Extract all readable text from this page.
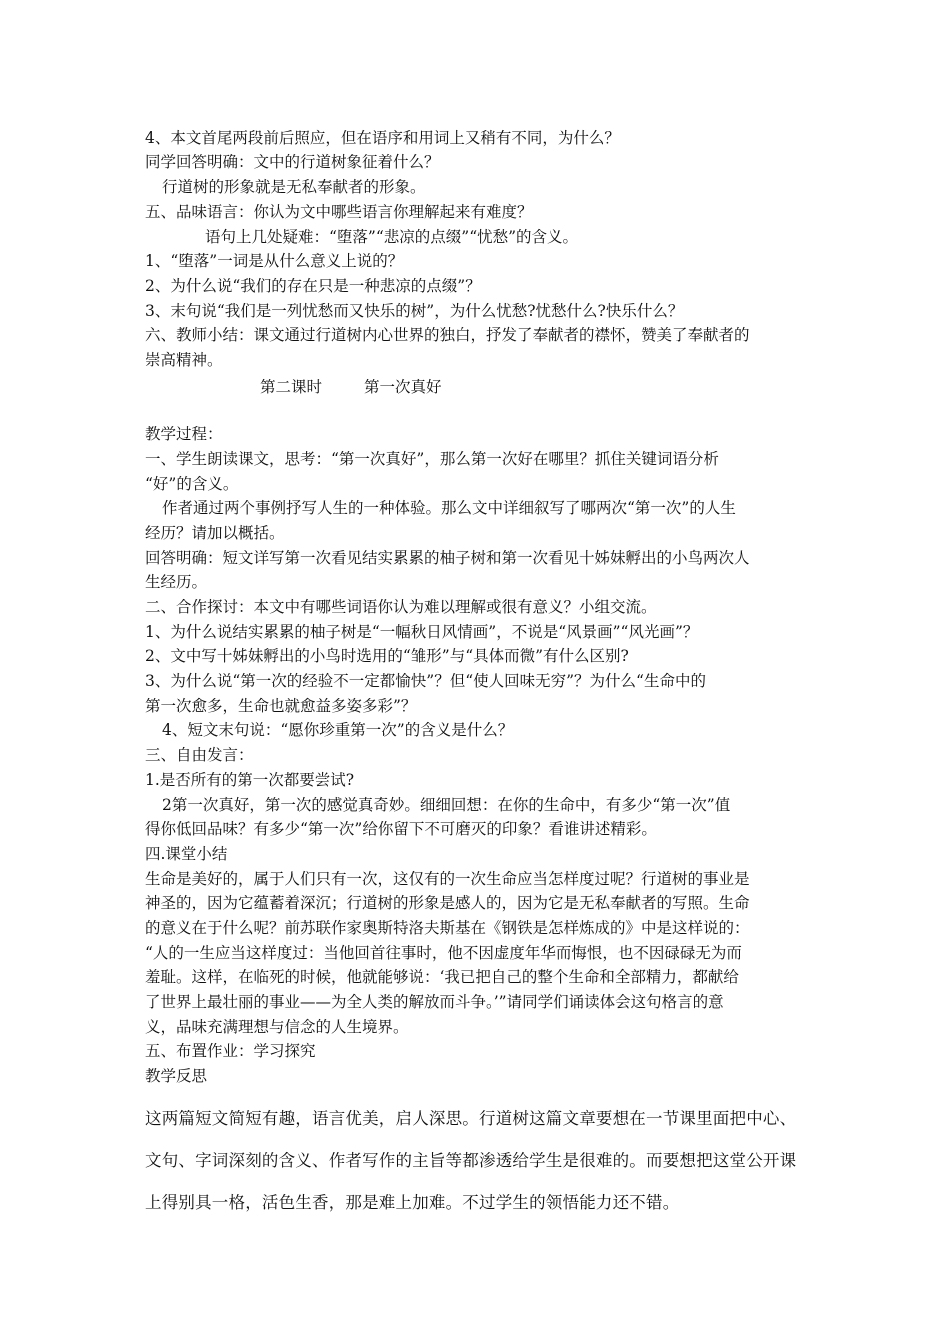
4、本文首尾两段前后照应，但在语序和用词上又稍有不同，为什么？
同学回答明确：文中的行道树象征着什么？
行道树的形象就是无私奉献者的形象。
五、品味语言：你认为文中哪些语言你理解起来有难度？
语句上几处疑难：“堕落”“悲凉的点缀”“忧愁”的含义。
1、“堕落”一词是从什么意义上说的？
2、为什么说“我们的存在只是一种悲凉的点缀”？
3、末句说“我们是一列忧愁而又快乐的树”，为什么忧愁?忧愁什么?快乐什么？
六、教师小结：课文通过行道树内心世界的独白，抒发了奉献者的襟怀，赞美了奉献者的
崇高精神。
第二课时	第一次真好
教学过程：
一、学生朗读课文，思考：“第一次真好”，那么第一次好在哪里？抓住关键词语分析
“好”的含义。
作者通过两个事例抒写人生的一种体验。那么文中详细叙写了哪两次“第一次”的人生
经历？请加以概括。
回答明确：短文详写第一次看见结实累累的柚子树和第一次看见十姊妹孵出的小鸟两次人
生经历。
二、合作探讨：本文中有哪些词语你认为难以理解或很有意义？小组交流。
1、为什么说结实累累的柚子树是“一幅秋日风情画”，不说是“风景画”“风光画”？
2、文中写十姊妹孵出的小鸟时选用的“雏形”与“具体而微”有什么区别?
3、为什么说“第一次的经验不一定都愉快”？但“使人回味无穷”？为什么“生命中的
第一次愈多，生命也就愈益多姿多彩”？
4、短文末句说：“愿你珍重第一次”的含义是什么？
三、自由发言：
1.是否所有的第一次都要尝试?
2第一次真好，第一次的感觉真奇妙。细细回想：在你的生命中，有多少“第一次”值
得你低回品味？有多少“第一次”给你留下不可磨灭的印象？看谁讲述精彩。
四.课堂小结
生命是美好的，属于人们只有一次，这仅有的一次生命应当怎样度过呢？行道树的事业是
神圣的，因为它蕴蓄着深沉；行道树的形象是感人的，因为它是无私奉献者的写照。生命
的意义在于什么呢？前苏联作家奥斯特洛夫斯基在《钢铁是怎样炼成的》中是这样说的：
“人的一生应当这样度过：当他回首往事时，他不因虚度年华而悔恨，也不因碌碌无为而
羞耻。这样，在临死的时候，他就能够说：‘我已把自己的整个生命和全部精力，都献给
了世界上最壮丽的事业——为全人类的解放而斗争。’”请同学们诵读体会这句格言的意
义，品味充满理想与信念的人生境界。
五、布置作业：学习探究
教学反思
这两篇短文简短有趣，语言优美，启人深思。行道树这篇文章要想在一节课里面把中心、
文句、字词深刻的含义、作者写作的主旨等都渗透给学生是很难的。而要想把这堂公开课
上得别具一格，活色生香，那是难上加难。不过学生的领悟能力还不错。
